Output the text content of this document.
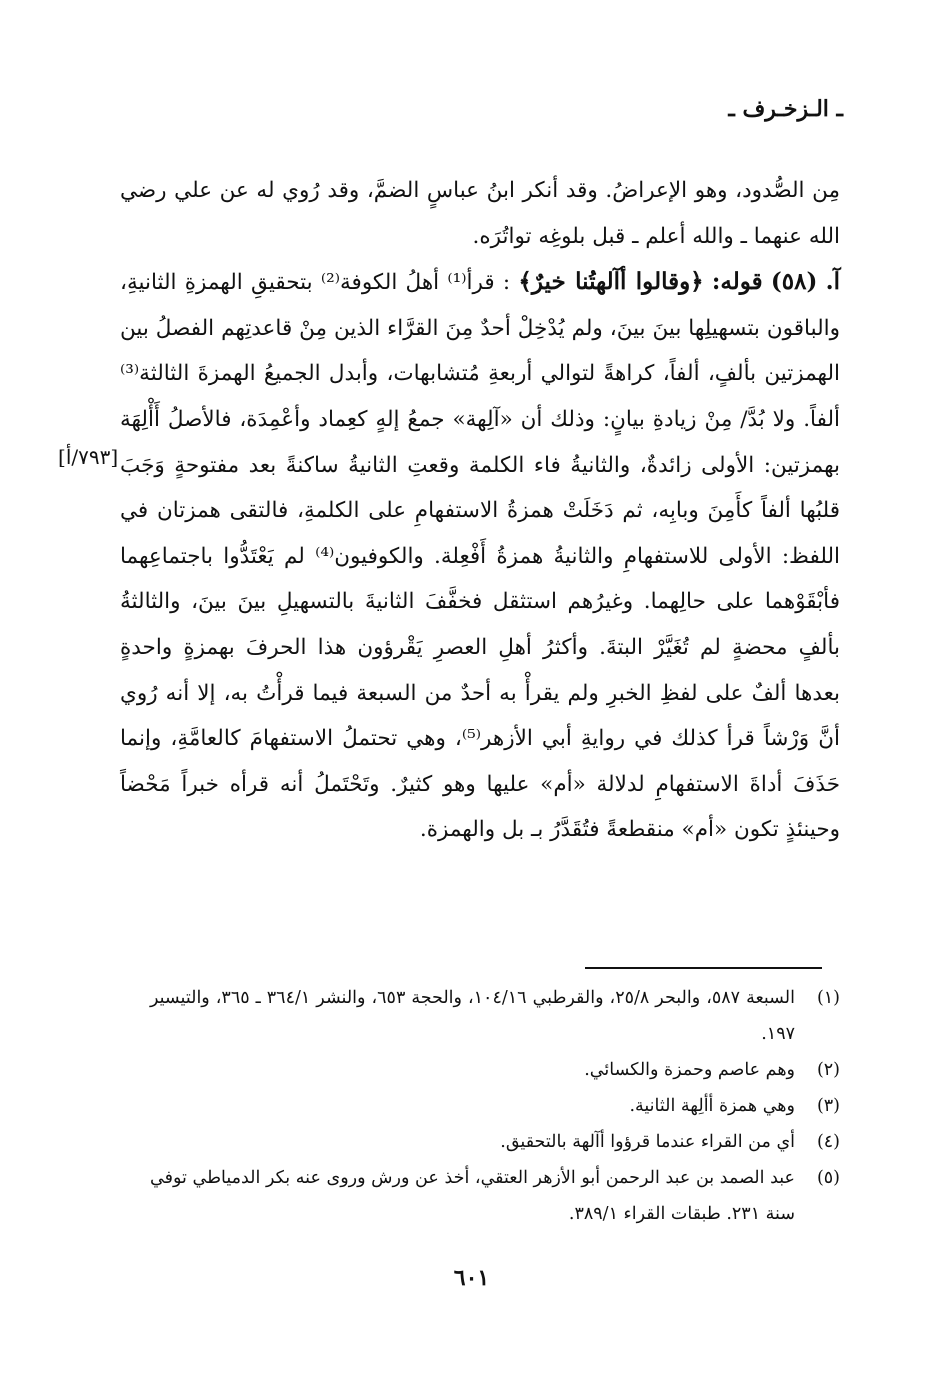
ـ الـزخـرف ـ

مِن الصُّدود، وهو الإعراضُ. وقد أنكر ابنُ عباسٍ الضمَّ، وقد رُوي له عن علي رضي الله عنهما ـ والله أعلم ـ قبل بلوغِه تواتُرَه.

آ. (٥٨) قوله: ﴿وقالوا أآلهتُنا خيرٌ﴾ : قرأ⁽¹⁾ أهلُ الكوفة⁽²⁾ بتحقيقِ الهمزةِ الثانيةِ، والباقون بتسهيلِها بينَ بينَ، ولم يُدْخِلْ أحدٌ مِنَ القرَّاء الذين مِنْ قاعدتِهم الفصلُ بين الهمزتين بألفٍ، ألفاً، كراهةً لتوالي أربعةِ مُتشابهات، وأبدل الجميعُ الهمزةَ الثالثة⁽³⁾ ألفاً. ولا بُدَّ/ مِنْ زيادةِ بيانٍ: وذلك أن «آلِهة» جمعُ إلهٍ كعِماد وأعْمِدَة، فالأصلُ أَأْلِهَة بهمزتين: الأولى زائدةٌ، والثانيةُ فاء الكلمة وقعتِ الثانيةُ ساكنةً بعد مفتوحةٍ وَجَبَ قلبُها ألفاً كأَمِنَ وبابِه، ثم دَخَلَتْ همزةُ الاستفهامِ على الكلمةِ، فالتقى همزتان في اللفظ: الأولى للاستفهامِ والثانيةُ همزةُ أَفْعِلة. والكوفيون⁽⁴⁾ لم يَعْتَدُّوا باجتماعِهما فأبْقَوْهما على حالِهما. وغيرُهم استثقل فخفَّفَ الثانيةَ بالتسهيلِ بينَ بينَ، والثالثةُ بألفٍ محضةٍ لم تُغَيَّرْ البتةَ. وأكثرُ أهلِ العصرِ يَقْرؤون هذا الحرفَ بهمزةٍ واحدةٍ بعدها ألفٌ على لفظِ الخبرِ ولم يقرأْ به أحدٌ من السبعة فيما قرأْتُ به، إلا أنه رُوي أنَّ وَرْشاً قرأ كذلك في روايةِ أبي الأزهر⁽⁵⁾، وهي تحتملُ الاستفهامَ كالعامَّةِ، وإنما حَذَفَ أداةَ الاستفهامِ لدلالة «أم» عليها وهو كثيرٌ. وتَحْتَملُ أنه قرأه خبراً مَحْضاً وحينئذٍ تكون «أم» منقطعةً فتُقَدَّرُ بـ بل والهمزة.

[٧٩٣/أ]
(١)
السبعة ٥٨٧، والبحر ٢٥/٨، والقرطبي ١٠٤/١٦، والحجة ٦٥٣، والنشر ٣٦٤/١ ـ ٣٦٥، والتيسير ١٩٧.
(٢)
وهم عاصم وحمزة والكسائي.
(٣)
وهي همزة أألِهة الثانية.
(٤)
أي من القراء عندما قرؤوا أآلهة بالتحقيق.
(٥)
عبد الصمد بن عبد الرحمن أبو الأزهر العتقي، أخذ عن ورش وروى عنه بكر الدمياطي توفي سنة ٢٣١. طبقات القراء ٣٨٩/١.
٦٠١
